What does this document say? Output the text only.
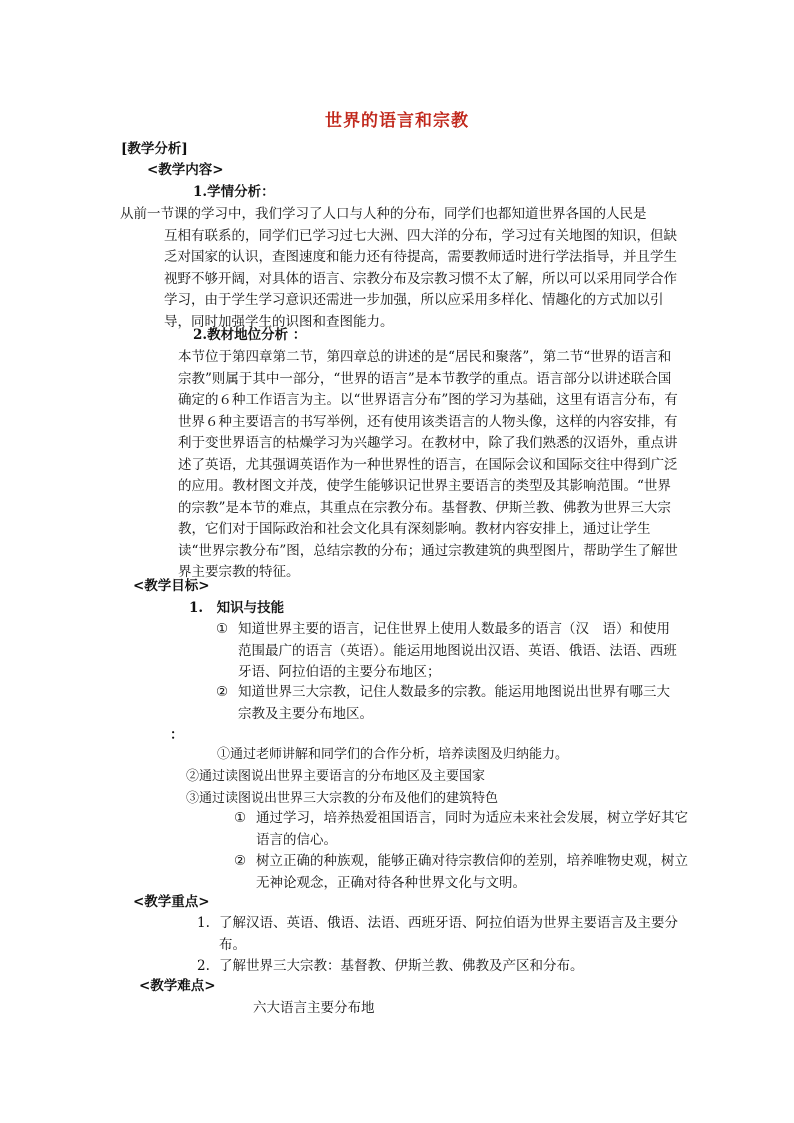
世界的语言和宗教
[教学分析]
<教学内容>
1.学情分析：
从前一节课的学习中，我们学习了人口与人种的分布，同学们也都知道世界各国的人民是
互相有联系的，同学们已学习过七大洲、四大洋的分布，学习过有关地图的知识，但缺乏对国家的认识，查图速度和能力还有待提高，需要教师适时进行学法指导，并且学生视野不够开阔，对具体的语言、宗教分布及宗教习惯不太了解，所以可以采用同学合作学习，由于学生学习意识还需进一步加强，所以应采用多样化、情趣化的方式加以引导，同时加强学生的识图和查图能力。
2.教材地位分析 ：
本节位于第四章第二节，第四章总的讲述的是“居民和聚落”，第二节“世界的语言和宗教”则属于其中一部分，“世界的语言”是本节教学的重点。语言部分以讲述联合国确定的６种工作语言为主。以“世界语言分布”图的学习为基础，这里有语言分布，有世界６种主要语言的书写举例，还有使用该类语言的人物头像，这样的内容安排，有利于变世界语言的枯燥学习为兴趣学习。在教材中，除了我们熟悉的汉语外，重点讲述了英语，尤其强调英语作为一种世界性的语言，在国际会议和国际交往中得到广泛的应用。教材图文并茂，使学生能够识记世界主要语言的类型及其影响范围。“世界的宗教”是本节的难点，其重点在宗教分布。基督教、伊斯兰教、佛教为世界三大宗教，它们对于国际政治和社会文化具有深刻影响。教材内容安排上，通过让学生读“世界宗教分布”图，总结宗教的分布；通过宗教建筑的典型图片，帮助学生了解世界主要宗教的特征。
<教学目标>
1.　知识与技能
① 知道世界主要的语言，记住世界上使用人数最多的语言（汉　语）和使用范围最广的语言（英语）。能运用地图说出汉语、英语、俄语、法语、西班牙语、阿拉伯语的主要分布地区；
② 知道世界三大宗教，记住人数最多的宗教。能运用地图说出世界有哪三大宗教及主要分布地区。
：
①通过老师讲解和同学们的合作分析，培养读图及归纳能力。
②通过读图说出世界主要语言的分布地区及主要国家
③通过读图说出世界三大宗教的分布及他们的建筑特色
① 通过学习，培养热爱祖国语言，同时为适应未来社会发展，树立学好其它语言的信心。
② 树立正确的种族观，能够正确对待宗教信仰的差别，培养唯物史观，树立无神论观念，正确对待各种世界文化与文明。
<教学重点>
1. 了解汉语、英语、俄语、法语、西班牙语、阿拉伯语为世界主要语言及主要分布。
2. 了解世界三大宗教：基督教、伊斯兰教、佛教及产区和分布。
<教学难点>
六大语言主要分布地
